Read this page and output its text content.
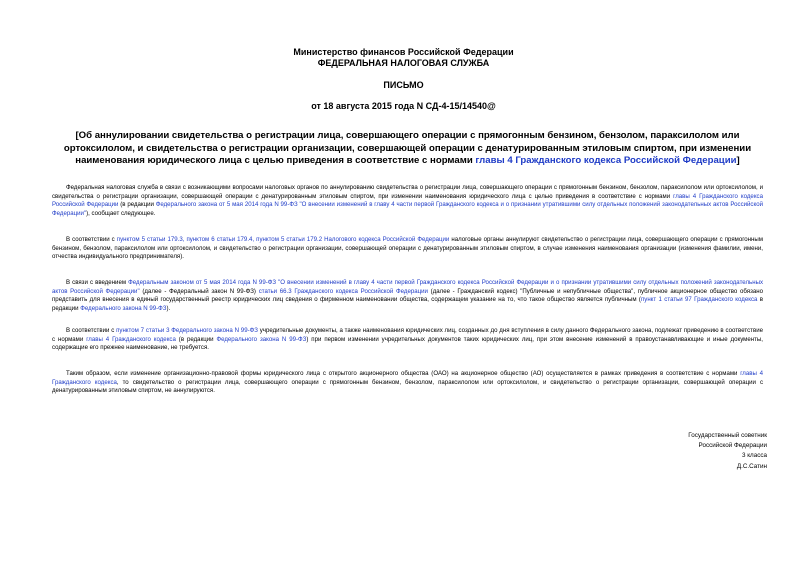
Министерство финансов Российской Федерации
ФЕДЕРАЛЬНАЯ НАЛОГОВАЯ СЛУЖБА
ПИСЬМО
от 18 августа 2015 года N СД-4-15/14540@
[Об аннулировании свидетельства о регистрации лица, совершающего операции с прямогонным бензином, бензолом, параксилолом или ортоксилолом, и свидетельства о регистрации организации, совершающей операции с денатурированным этиловым спиртом, при изменении наименования юридического лица с целью приведения в соответствие с нормами главы 4 Гражданского кодекса Российской Федерации]
Федеральная налоговая служба в связи с возникающими вопросами налоговых органов по аннулированию свидетельства о регистрации лица, совершающего операции с прямогонным бензином, бензолом, параксилолом или ортоксилолом, и свидетельства о регистрации организации, совершающей операции с денатурированным этиловым спиртом, при изменении наименования юридического лица с целью приведения в соответствие с нормами главы 4 Гражданского кодекса Российской Федерации (в редакции Федерального закона от 5 мая 2014 года N 99-ФЗ "О внесении изменений в главу 4 части первой Гражданского кодекса и о признании утратившими силу отдельных положений законодательных актов Российской Федерации"), сообщает следующее.
В соответствии с пунктом 5 статьи 179.3, пунктом 6 статьи 179.4, пунктом 5 статьи 179.2 Налогового кодекса Российской Федерации налоговые органы аннулируют свидетельство о регистрации лица, совершающего операции с прямогонным бензином, бензолом, параксилолом или ортоксилолом, и свидетельство о регистрации организации, совершающей операции с денатурированным этиловым спиртом, в случае изменения наименования организации (изменения фамилии, имени, отчества индивидуального предпринимателя).
В связи с введением Федеральным законом от 5 мая 2014 года N 99-ФЗ "О внесении изменений в главу 4 части первой Гражданского кодекса Российской Федерации и о признании утратившими силу отдельных положений законодательных актов Российской Федерации" (далее - Федеральный закон N 99-ФЗ) статьи 66.3 Гражданского кодекса Российской Федерации (далее - Гражданский кодекс) "Публичные и непубличные общества", публичное акционерное общество обязано представить для внесения в единый государственный реестр юридических лиц сведения о фирменном наименовании общества, содержащем указание на то, что такое общество является публичным (пункт 1 статьи 97 Гражданского кодекса в редакции Федерального закона N 99-ФЗ).
В соответствии с пунктом 7 статьи 3 Федерального закона N 99-ФЗ учредительные документы, а также наименования юридических лиц, созданных до дня вступления в силу данного Федерального закона, подлежат приведению в соответствие с нормами главы 4 Гражданского кодекса (в редакции Федерального закона N 99-ФЗ) при первом изменении учредительных документов таких юридических лиц, при этом внесение изменений в правоустанавливающие и иные документы, содержащие его прежнее наименование, не требуется.
Таким образом, если изменение организационно-правовой формы юридического лица с открытого акционерного общества (ОАО) на акционерное общество (АО) осуществляется в рамках приведения в соответствие с нормами главы 4 Гражданского кодекса, то свидетельство о регистрации лица, совершающего операции с прямогонным бензином, бензолом, параксилолом или ортоксилолом, и свидетельство о регистрации организации, совершающей операции с денатурированным этиловым спиртом, не аннулируются.
Государственный советник
Российской Федерации
3 класса
Д.С.Сатин
